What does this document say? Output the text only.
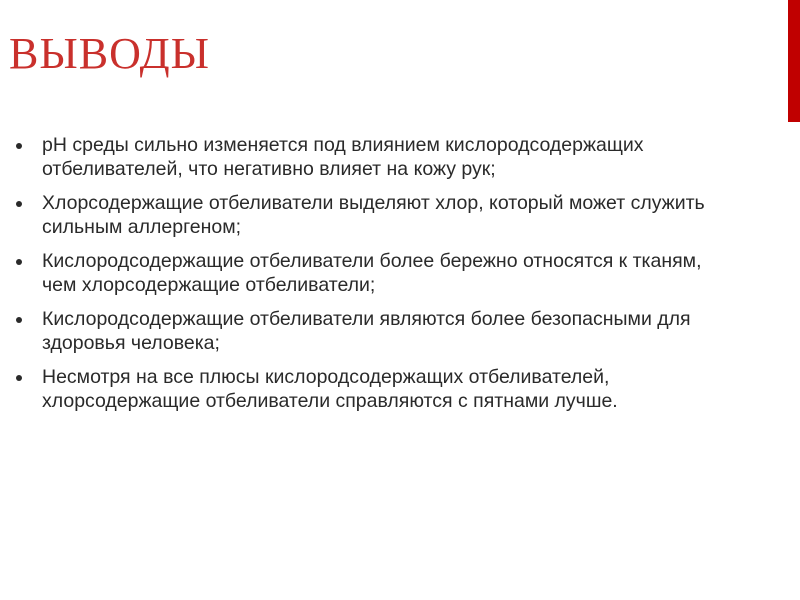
ВЫВОДЫ
pH среды сильно изменяется под влиянием кислородсодержащих отбеливателей, что негативно влияет на кожу рук;
Хлорсодержащие отбеливатели выделяют хлор, который может служить сильным аллергеном;
Кислородсодержащие отбеливатели более бережно относятся к тканям, чем хлорсодержащие отбеливатели;
Кислородсодержащие отбеливатели являются более безопасными для здоровья человека;
Несмотря на все плюсы кислородсодержащих отбеливателей, хлорсодержащие отбеливатели справляются с пятнами лучше.
